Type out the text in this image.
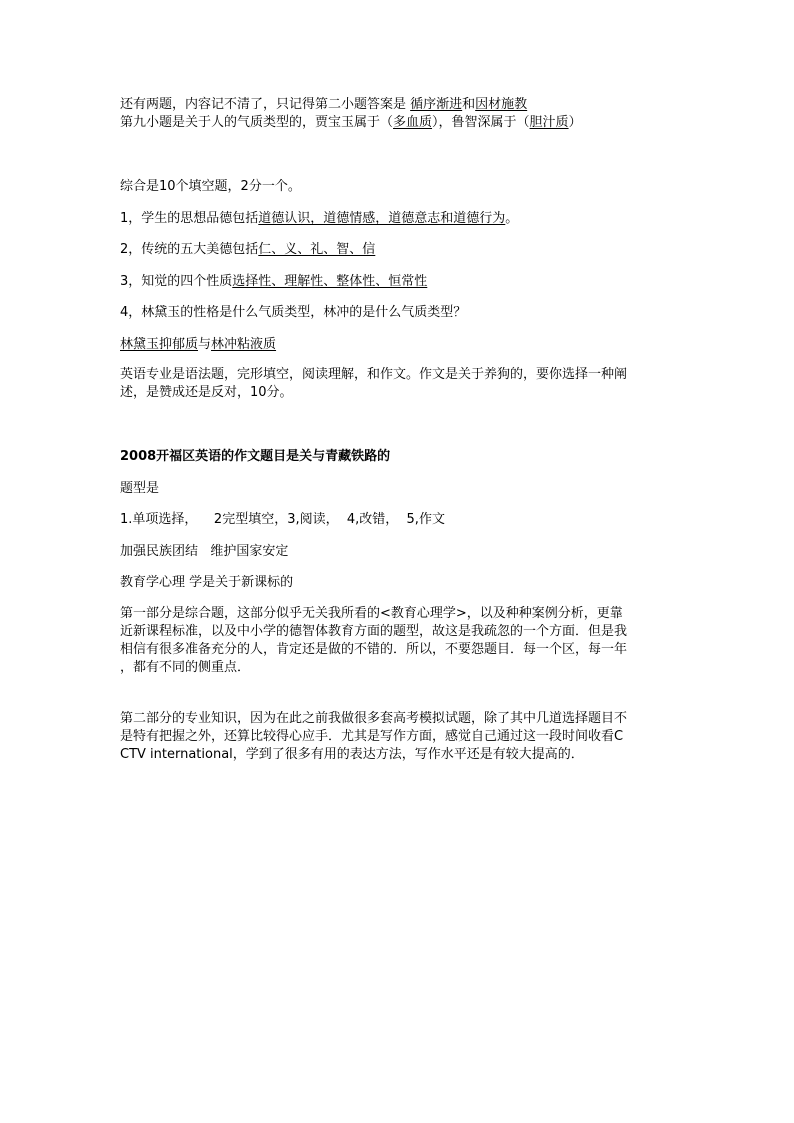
还有两题，内容记不清了，只记得第二小题答案是 循序渐进和因材施教
第九小题是关于人的气质类型的，贾宝玉属于（多血质），鲁智深属于（胆汁质）
综合是10个填空题，2分一个。
1，学生的思想品德包括道德认识，道德情感，道德意志和道德行为。
2，传统的五大美德包括仁、义、礼、智、信
3，知觉的四个性质选择性、理解性、整体性、恒常性
4，林黛玉的性格是什么气质类型，林冲的是什么气质类型？
林黛玉抑郁质与林冲粘液质
英语专业是语法题，完形填空，阅读理解，和作文。作文是关于养狗的，要你选择一种阐
述，是赞成还是反对，10分。
2008开福区英语的作文题目是关与青藏铁路的
题型是
1.单项选择，    2完型填空，3,阅读，  4,改错，  5,作文
加强民族团结   维护国家安定
教育学心理 学是关于新课标的
第一部分是综合题，这部分似乎无关我所看的<教育心理学>，以及种种案例分析，更靠
近新课程标准，以及中小学的德智体教育方面的题型，故这是我疏忽的一个方面．但是我
相信有很多准备充分的人，肯定还是做的不错的．所以，不要怨题目．每一个区，每一年
，都有不同的侧重点．
第二部分的专业知识，因为在此之前我做很多套高考模拟试题，除了其中几道选择题目不
是特有把握之外，还算比较得心应手．尤其是写作方面，感觉自己通过这一段时间收看C
CTV international，学到了很多有用的表达方法，写作水平还是有较大提高的．
